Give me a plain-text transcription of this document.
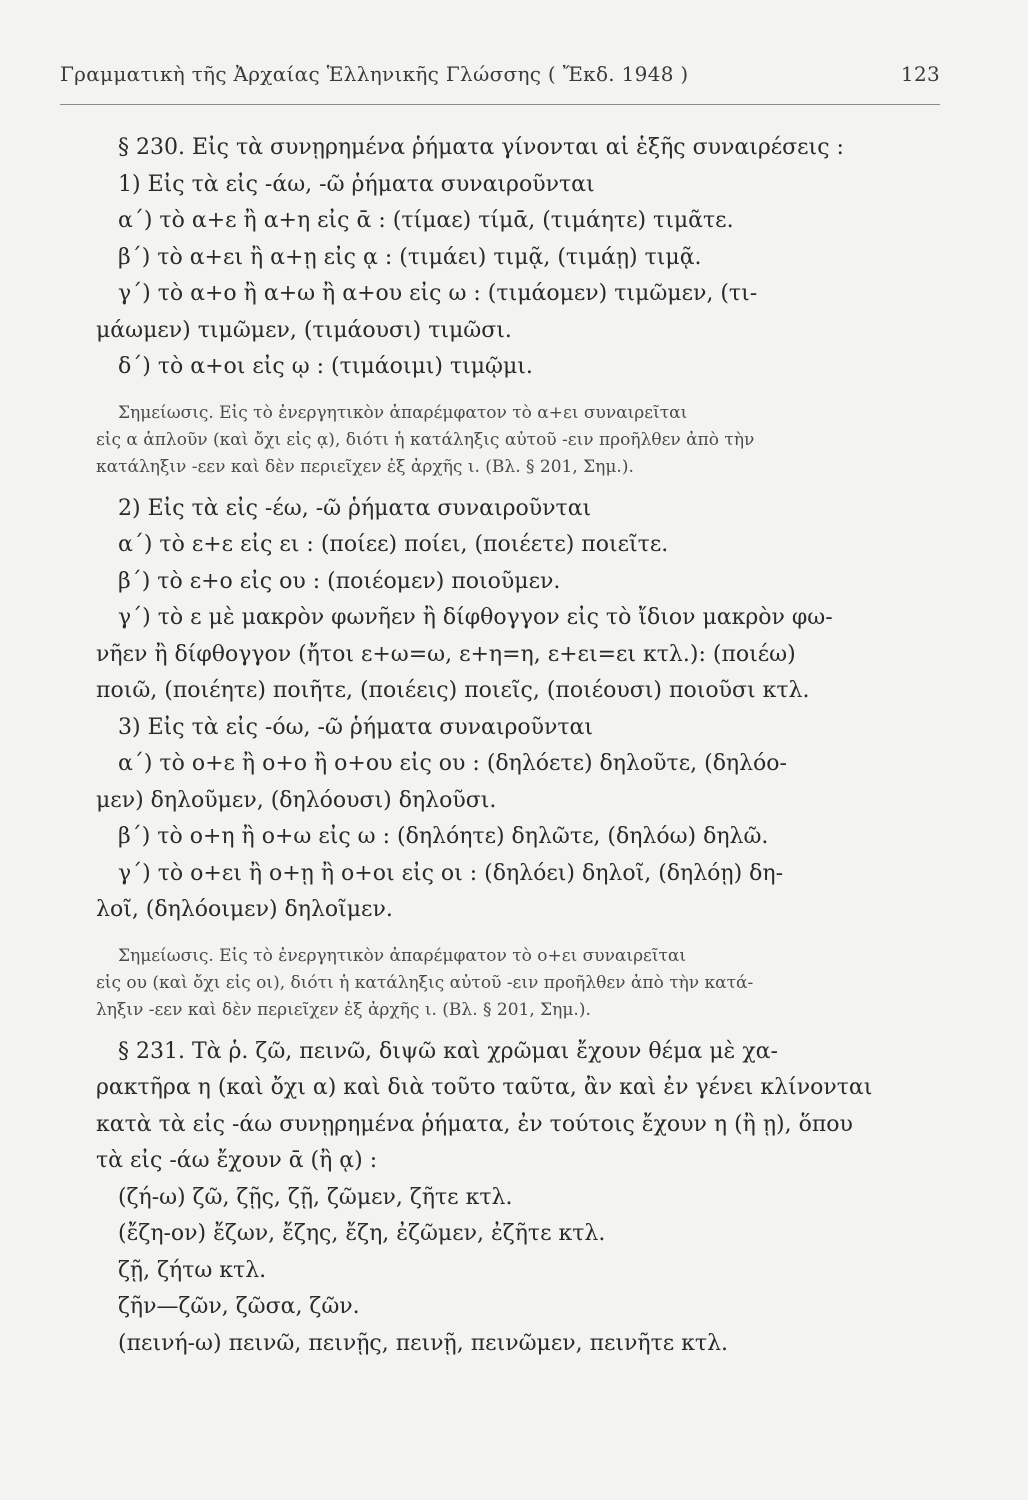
Γραμματικὴ τῆς Ἀρχαίας Ἑλληνικῆς Γλώσσης ( Ἔκδ. 1948 )	123
§ 230. Εἰς τὰ συνῃρημένα ῥήματα γίνονται αἱ ἑξῆς συναιρέσεις :
1) Εἰς τὰ εἰς -άω, -ῶ ῥήματα συναιροῦνται
α΄) τὸ α+ε ἢ α+η εἰς ᾱ : (τίμαε) τίμᾱ, (τιμάητε) τιμᾶτε.
β΄) τὸ α+ει ἢ α+ῃ εἰς ᾳ : (τιμάει) τιμᾷ, (τιμάῃ) τιμᾷ.
γ΄) τὸ α+ο ἢ α+ω ἢ α+ου εἰς ω : (τιμάομεν) τιμῶμεν, (τι-
μάωμεν) τιμῶμεν, (τιμάουσι) τιμῶσι.
δ΄) τὸ α+οι εἰς ῳ : (τιμάοιμι) τιμῷμι.
Σημείωσις. Εἰς τὸ ἐνεργητικὸν ἀπαρέμφατον τὸ α+ει συναιρεῖται
εἰς α ἁπλοῦν (καὶ ὄχι εἰς ᾳ), διότι ἡ κατάληξις αὐτοῦ -ειν προῆλθεν ἀπὸ τὴν
κατάληξιν -εεν καὶ δὲν περιεῖχεν ἐξ ἀρχῆς ι. (Βλ. § 201, Σημ.).
2) Εἰς τὰ εἰς -έω, -ῶ ῥήματα συναιροῦνται
α΄) τὸ ε+ε εἰς ει : (ποίεε) ποίει, (ποιέετε) ποιεῖτε.
β΄) τὸ ε+ο εἰς ου : (ποιέομεν) ποιοῦμεν.
γ΄) τὸ ε μὲ μακρὸν φωνῆεν ἢ δίφθογγον εἰς τὸ ἴδιον μακρὸν φω-
νῆεν ἢ δίφθογγον (ἤτοι ε+ω=ω, ε+η=η, ε+ει=ει κτλ.): (ποιέω)
ποιῶ, (ποιέητε) ποιῆτε, (ποιέεις) ποιεῖς, (ποιέουσι) ποιοῦσι κτλ.
3) Εἰς τὰ εἰς -όω, -ῶ ῥήματα συναιροῦνται
α΄) τὸ ο+ε ἢ ο+ο ἢ ο+ου εἰς ου : (δηλόετε) δηλοῦτε, (δηλόο-
μεν) δηλοῦμεν, (δηλόουσι) δηλοῦσι.
β΄) τὸ ο+η ἢ ο+ω εἰς ω : (δηλόητε) δηλῶτε, (δηλόω) δηλῶ.
γ΄) τὸ ο+ει ἢ ο+ῃ ἢ ο+οι εἰς οι : (δηλόει) δηλοῖ, (δηλόῃ) δη-
λοῖ, (δηλόοιμεν) δηλοῖμεν.
Σημείωσις. Εἰς τὸ ἐνεργητικὸν ἀπαρέμφατον τὸ ο+ει συναιρεῖται
εἰς ου (καὶ ὄχι εἰς οι), διότι ἡ κατάληξις αὐτοῦ -ειν προῆλθεν ἀπὸ τὴν κατά-
ληξιν -εεν καὶ δὲν περιεῖχεν ἐξ ἀρχῆς ι. (Βλ. § 201, Σημ.).
§ 231. Τὰ ῥ. ζῶ, πεινῶ, διψῶ καὶ χρῶμαι ἔχουν θέμα μὲ χα-
ρακτῆρα η (καὶ ὄχι α) καὶ διὰ τοῦτο ταῦτα, ἂν καὶ ἐν γένει κλίνονται
κατὰ τὰ εἰς -άω συνῃρημένα ῥήματα, ἐν τούτοις ἔχουν η (ἢ ῃ), ὅπου
τὰ εἰς -άω ἔχουν ᾱ (ἢ ᾳ) :
(ζή-ω) ζῶ, ζῇς, ζῇ, ζῶμεν, ζῆτε κτλ.
(ἔζη-ον) ἔζων, ἔζης, ἔζη, ἐζῶμεν, ἐζῆτε κτλ.
ζῇ, ζήτω κτλ.
ζῆν—ζῶν, ζῶσα, ζῶν.
(πεινή-ω) πεινῶ, πεινῇς, πεινῇ, πεινῶμεν, πεινῆτε κτλ.
